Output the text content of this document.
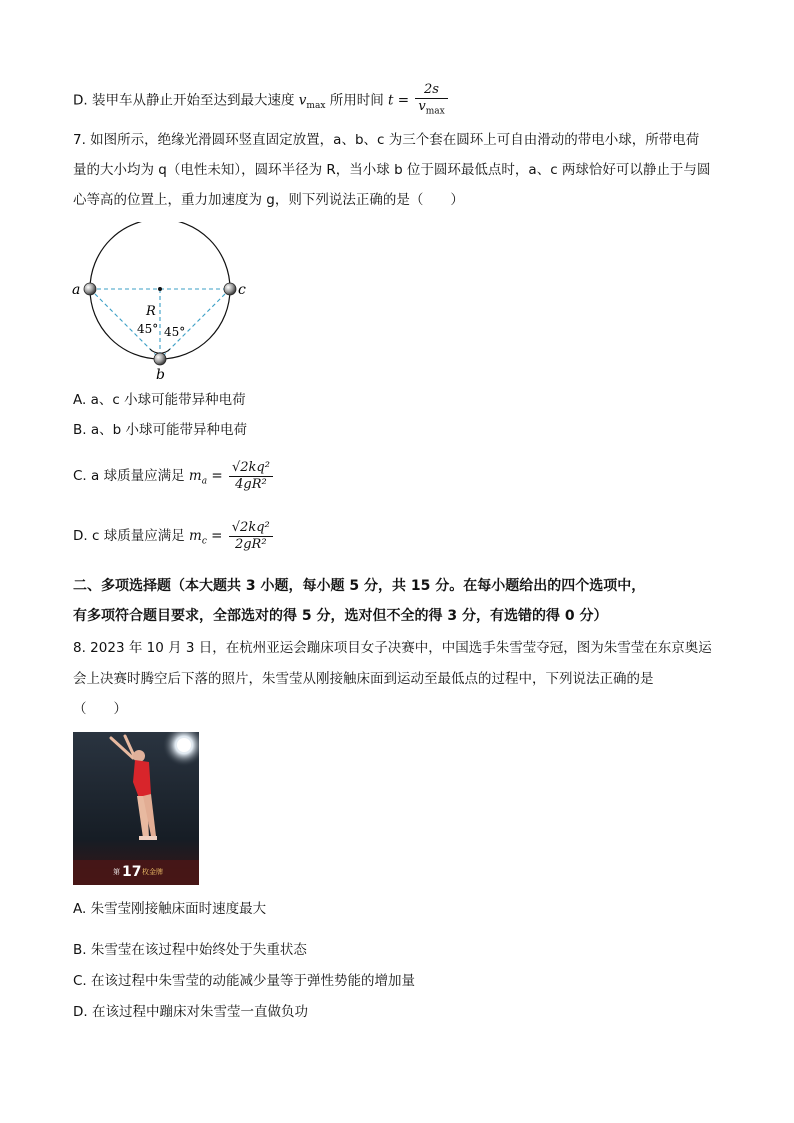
D. 装甲车从静止开始至达到最大速度 $v_{max}$ 所用时间 $t = \frac{2s}{v_{max}}$
7. 如图所示，绝缘光滑圆环竖直固定放置，a、b、c 为三个套在圆环上可自由滑动的带电小球，所带电荷
量的大小均为 q（电性未知），圆环半径为 R，当小球 b 位于圆环最低点时，a、c 两球恰好可以静止于与圆
心等高的位置上，重力加速度为 g，则下列说法正确的是（　　）
a	c
b
R
45° 45°
A. a、c 小球可能带异种电荷
B. a、b 小球可能带异种电荷
C. a 球质量应满足 $m_a = \frac{\text{√2kq²}}{\text{4gR²}}$
D. c 球质量应满足 $m_c = \frac{\text{√2kq²}}{\text{2gR²}}$
二、多项选择题（本大题共 3 小题，每小题 5 分，共 15 分。在每小题给出的四个选项中，
有多项符合题目要求，全部选对的得 5 分，选对但不全的得 3 分，有选错的得 0 分）
8. 2023 年 10 月 3 日，在杭州亚运会蹦床项目女子决赛中，中国选手朱雪莹夺冠，图为朱雪莹在东京奥运
会上决赛时腾空后下落的照片，朱雪莹从刚接触床面到运动至最低点的过程中，下列说法正确的是
（　　）
第 17 枚金牌
A. 朱雪莹刚接触床面时速度最大
B. 朱雪莹在该过程中始终处于失重状态
C. 在该过程中朱雪莹的动能减少量等于弹性势能的增加量
D. 在该过程中蹦床对朱雪莹一直做负功
